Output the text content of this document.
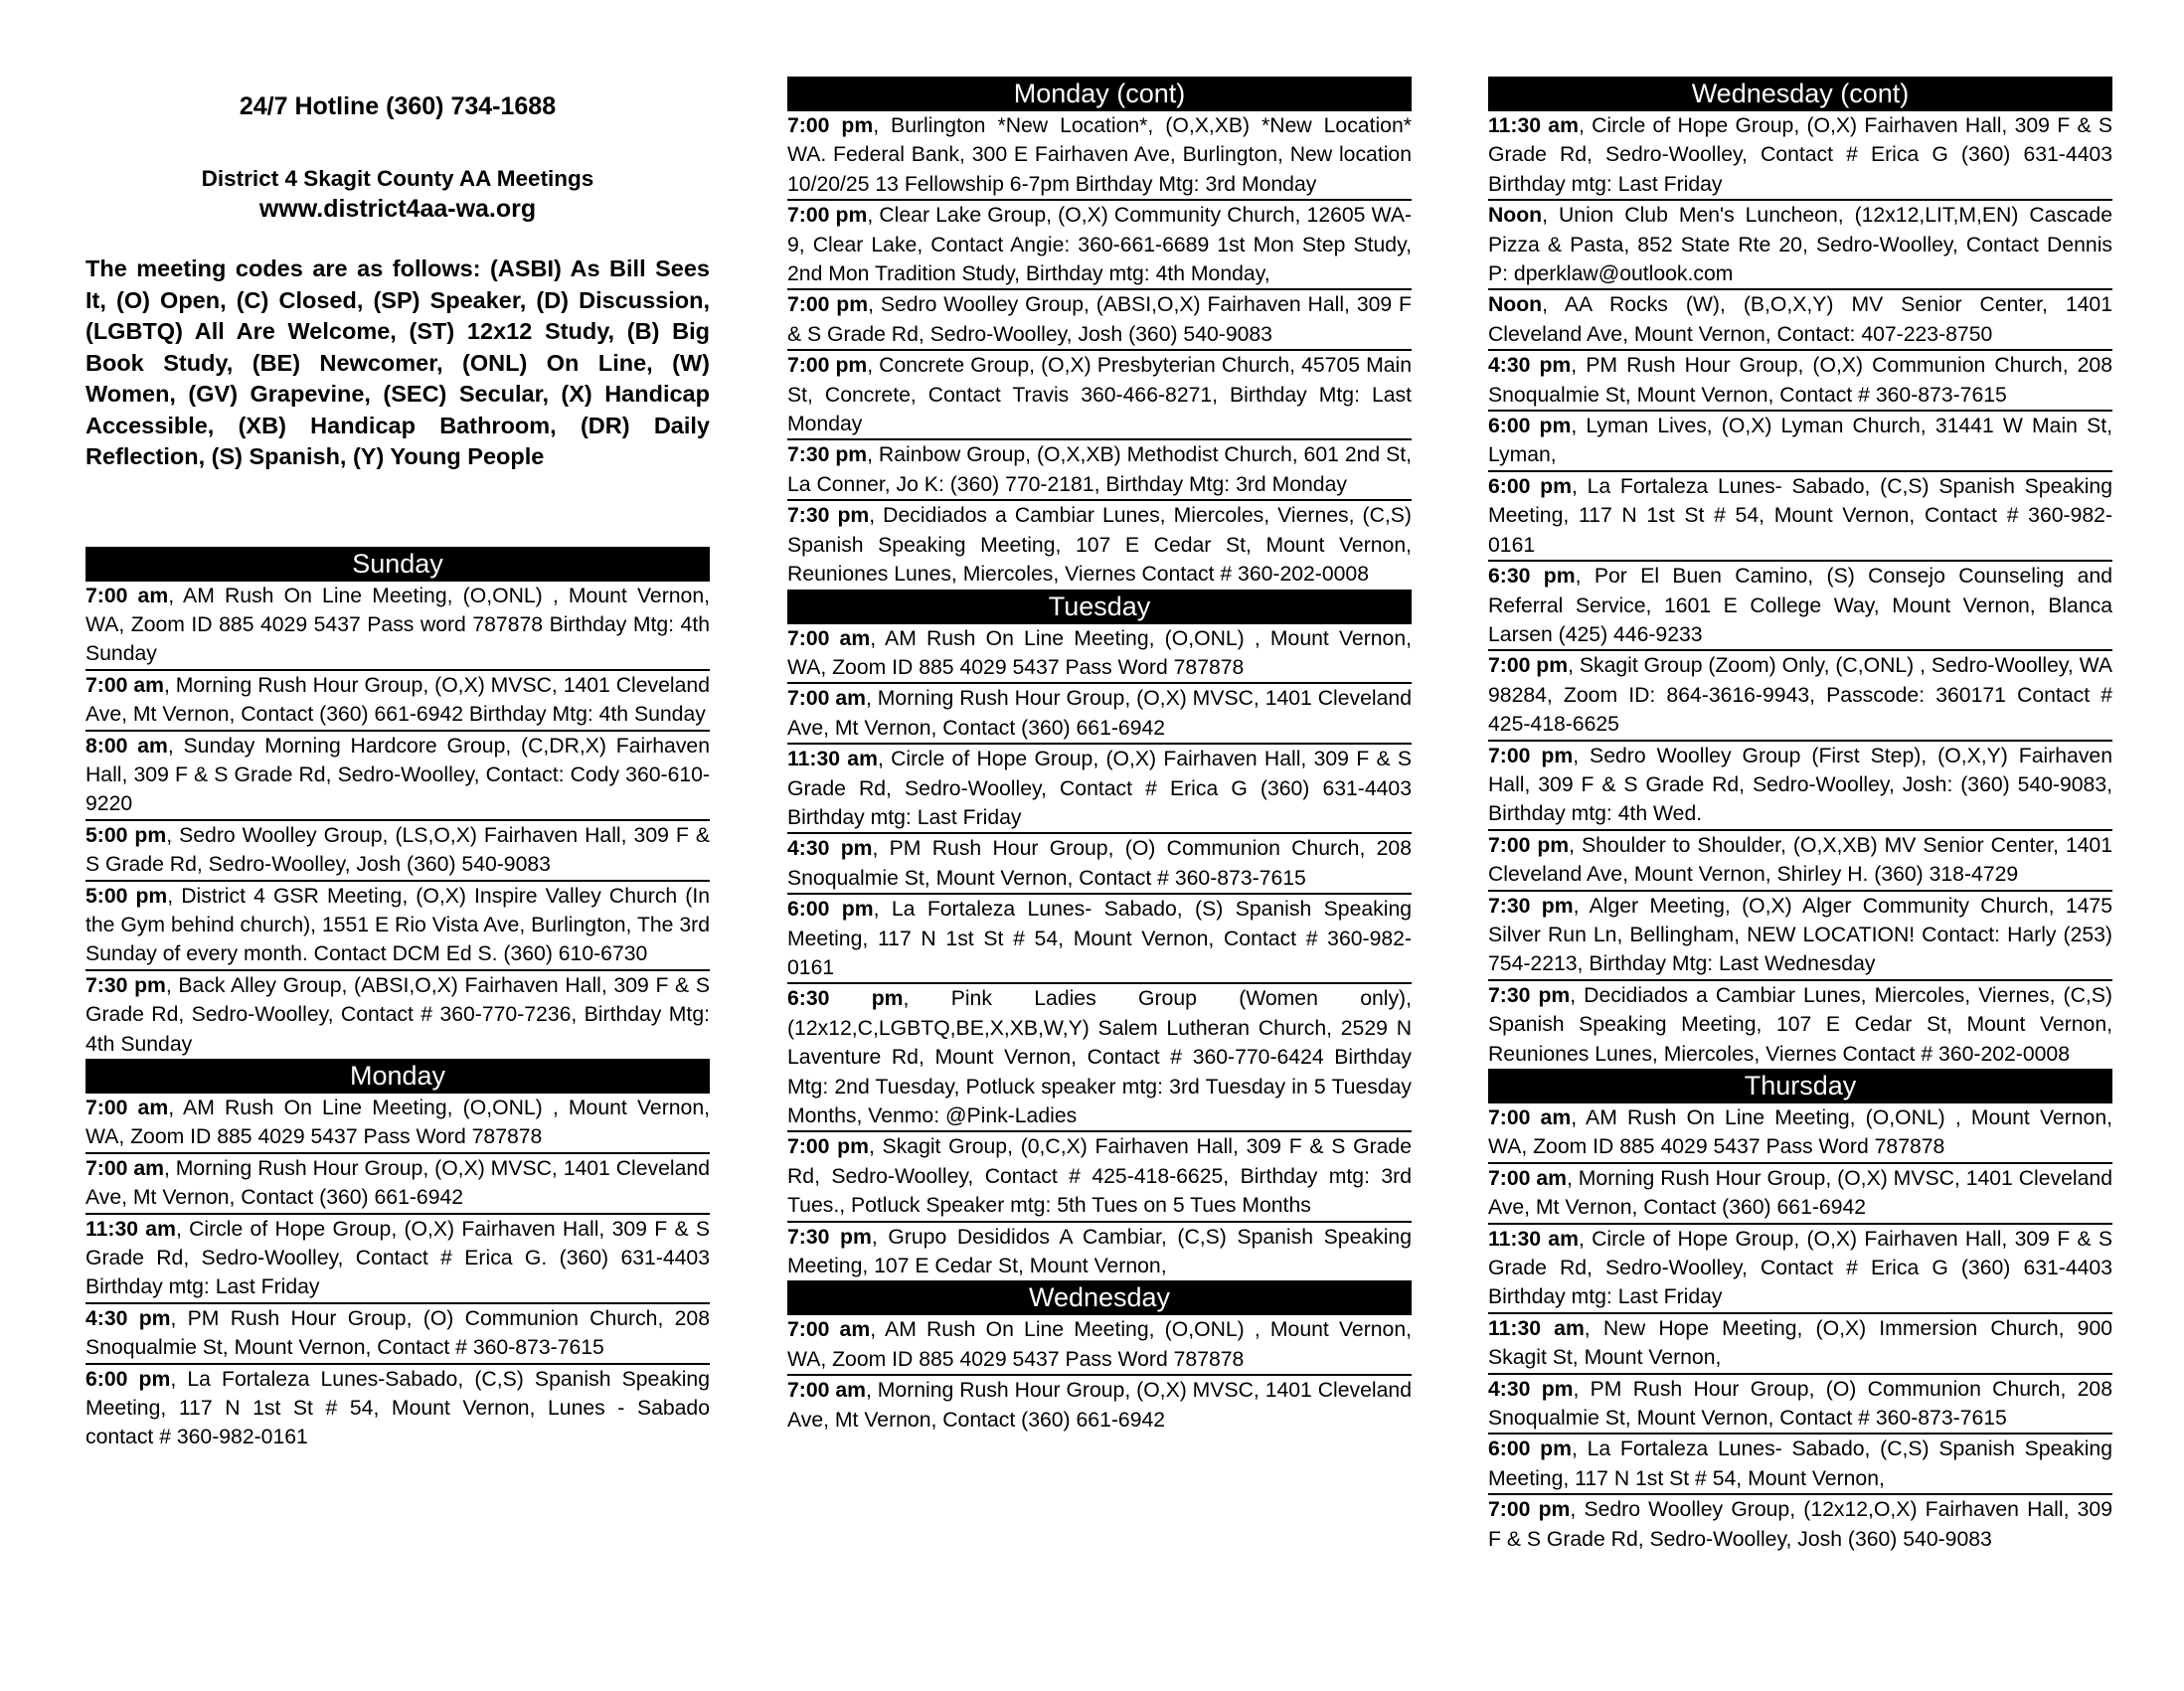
24/7 Hotline (360) 734-1688
District 4 Skagit County AA Meetings
www.district4aa-wa.org
The meeting codes are as follows: (ASBI) As Bill Sees It, (O) Open, (C) Closed, (SP) Speaker, (D) Discussion, (LGBTQ) All Are Welcome, (ST) 12x12 Study, (B) Big Book Study, (BE) Newcomer, (ONL) On Line, (W) Women, (GV) Grapevine, (SEC) Secular, (X) Handicap Accessible, (XB) Handicap Bathroom, (DR) Daily Reflection, (S) Spanish, (Y) Young People
Sunday
7:00 am, AM Rush On Line Meeting, (O,ONL) , Mount Vernon, WA, Zoom ID 885 4029 5437 Pass word 787878 Birthday Mtg: 4th Sunday
7:00 am, Morning Rush Hour Group, (O,X) MVSC, 1401 Cleveland Ave, Mt Vernon, Contact (360) 661-6942 Birthday Mtg: 4th Sunday
8:00 am, Sunday Morning Hardcore Group, (C,DR,X) Fairhaven Hall, 309 F & S Grade Rd, Sedro-Woolley, Contact: Cody 360-610-9220
5:00 pm, Sedro Woolley Group, (LS,O,X) Fairhaven Hall, 309 F & S Grade Rd, Sedro-Woolley, Josh (360) 540-9083
5:00 pm, District 4 GSR Meeting, (O,X) Inspire Valley Church (In the Gym behind church), 1551 E Rio Vista Ave, Burlington, The 3rd Sunday of every month. Contact DCM Ed S. (360) 610-6730
7:30 pm, Back Alley Group, (ABSI,O,X) Fairhaven Hall, 309 F & S Grade Rd, Sedro-Woolley, Contact # 360-770-7236, Birthday Mtg: 4th Sunday
Monday
7:00 am, AM Rush On Line Meeting, (O,ONL) , Mount Vernon, WA, Zoom ID 885 4029 5437 Pass Word 787878
7:00 am, Morning Rush Hour Group, (O,X) MVSC, 1401 Cleveland Ave, Mt Vernon, Contact (360) 661-6942
11:30 am, Circle of Hope Group, (O,X) Fairhaven Hall, 309 F & S Grade Rd, Sedro-Woolley, Contact # Erica G. (360) 631-4403 Birthday mtg: Last Friday
4:30 pm, PM Rush Hour Group, (O) Communion Church, 208 Snoqualmie St, Mount Vernon, Contact # 360-873-7615
6:00 pm, La Fortaleza Lunes-Sabado, (C,S) Spanish Speaking Meeting, 117 N 1st St # 54, Mount Vernon, Lunes - Sabado contact # 360-982-0161
Monday (cont)
7:00 pm, Burlington *New Location*, (O,X,XB) *New Location* WA. Federal Bank, 300 E Fairhaven Ave, Burlington, New location 10/20/25 13 Fellowship 6-7pm Birthday Mtg: 3rd Monday
7:00 pm, Clear Lake Group, (O,X) Community Church, 12605 WA-9, Clear Lake, Contact Angie: 360-661-6689 1st Mon Step Study, 2nd Mon Tradition Study, Birthday mtg: 4th Monday,
7:00 pm, Sedro Woolley Group, (ABSI,O,X) Fairhaven Hall, 309 F & S Grade Rd, Sedro-Woolley, Josh (360) 540-9083
7:00 pm, Concrete Group, (O,X) Presbyterian Church, 45705 Main St, Concrete, Contact Travis 360-466-8271, Birthday Mtg: Last Monday
7:30 pm, Rainbow Group, (O,X,XB) Methodist Church, 601 2nd St, La Conner, Jo K: (360) 770-2181, Birthday Mtg: 3rd Monday
7:30 pm, Decidiados a Cambiar Lunes, Miercoles, Viernes, (C,S) Spanish Speaking Meeting, 107 E Cedar St, Mount Vernon, Reuniones Lunes, Miercoles, Viernes Contact # 360-202-0008
Tuesday
7:00 am, AM Rush On Line Meeting, (O,ONL) , Mount Vernon, WA, Zoom ID 885 4029 5437 Pass Word 787878
7:00 am, Morning Rush Hour Group, (O,X) MVSC, 1401 Cleveland Ave, Mt Vernon, Contact (360) 661-6942
11:30 am, Circle of Hope Group, (O,X) Fairhaven Hall, 309 F & S Grade Rd, Sedro-Woolley, Contact # Erica G (360) 631-4403 Birthday mtg: Last Friday
4:30 pm, PM Rush Hour Group, (O) Communion Church, 208 Snoqualmie St, Mount Vernon, Contact # 360-873-7615
6:00 pm, La Fortaleza Lunes- Sabado, (S) Spanish Speaking Meeting, 117 N 1st St # 54, Mount Vernon, Contact # 360-982-0161
6:30 pm, Pink Ladies Group (Women only), (12x12,C,LGBTQ,BE,X,XB,W,Y) Salem Lutheran Church, 2529 N Laventure Rd, Mount Vernon, Contact # 360-770-6424 Birthday Mtg: 2nd Tuesday, Potluck speaker mtg: 3rd Tuesday in 5 Tuesday Months, Venmo: @Pink-Ladies
7:00 pm, Skagit Group, (0,C,X) Fairhaven Hall, 309 F & S Grade Rd, Sedro-Woolley, Contact # 425-418-6625, Birthday mtg: 3rd Tues., Potluck Speaker mtg: 5th Tues on 5 Tues Months
7:30 pm, Grupo Desididos A Cambiar, (C,S) Spanish Speaking Meeting, 107 E Cedar St, Mount Vernon,
Wednesday
7:00 am, AM Rush On Line Meeting, (O,ONL) , Mount Vernon, WA, Zoom ID 885 4029 5437 Pass Word 787878
7:00 am, Morning Rush Hour Group, (O,X) MVSC, 1401 Cleveland Ave, Mt Vernon, Contact (360) 661-6942
Wednesday (cont)
11:30 am, Circle of Hope Group, (O,X) Fairhaven Hall, 309 F & S Grade Rd, Sedro-Woolley, Contact # Erica G (360) 631-4403 Birthday mtg: Last Friday
Noon, Union Club Men's Luncheon, (12x12,LIT,M,EN) Cascade Pizza & Pasta, 852 State Rte 20, Sedro-Woolley, Contact Dennis P: dperklaw@outlook.com
Noon, AA Rocks (W), (B,O,X,Y) MV Senior Center, 1401 Cleveland Ave, Mount Vernon, Contact: 407-223-8750
4:30 pm, PM Rush Hour Group, (O,X) Communion Church, 208 Snoqualmie St, Mount Vernon, Contact # 360-873-7615
6:00 pm, Lyman Lives, (O,X) Lyman Church, 31441 W Main St, Lyman,
6:00 pm, La Fortaleza Lunes- Sabado, (C,S) Spanish Speaking Meeting, 117 N 1st St # 54, Mount Vernon, Contact # 360-982-0161
6:30 pm, Por El Buen Camino, (S) Consejo Counseling and Referral Service, 1601 E College Way, Mount Vernon, Blanca Larsen (425) 446-9233
7:00 pm, Skagit Group (Zoom) Only, (C,ONL) , Sedro-Woolley, WA 98284, Zoom ID: 864-3616-9943, Passcode: 360171 Contact # 425-418-6625
7:00 pm, Sedro Woolley Group (First Step), (O,X,Y) Fairhaven Hall, 309 F & S Grade Rd, Sedro-Woolley, Josh: (360) 540-9083, Birthday mtg: 4th Wed.
7:00 pm, Shoulder to Shoulder, (O,X,XB) MV Senior Center, 1401 Cleveland Ave, Mount Vernon, Shirley H. (360) 318-4729
7:30 pm, Alger Meeting, (O,X) Alger Community Church, 1475 Silver Run Ln, Bellingham, NEW LOCATION! Contact: Harly (253) 754-2213, Birthday Mtg: Last Wednesday
7:30 pm, Decidiados a Cambiar Lunes, Miercoles, Viernes, (C,S) Spanish Speaking Meeting, 107 E Cedar St, Mount Vernon, Reuniones Lunes, Miercoles, Viernes Contact # 360-202-0008
Thursday
7:00 am, AM Rush On Line Meeting, (O,ONL) , Mount Vernon, WA, Zoom ID 885 4029 5437 Pass Word 787878
7:00 am, Morning Rush Hour Group, (O,X) MVSC, 1401 Cleveland Ave, Mt Vernon, Contact (360) 661-6942
11:30 am, Circle of Hope Group, (O,X) Fairhaven Hall, 309 F & S Grade Rd, Sedro-Woolley, Contact # Erica G (360) 631-4403 Birthday mtg: Last Friday
11:30 am, New Hope Meeting, (O,X) Immersion Church, 900 Skagit St, Mount Vernon,
4:30 pm, PM Rush Hour Group, (O) Communion Church, 208 Snoqualmie St, Mount Vernon, Contact # 360-873-7615
6:00 pm, La Fortaleza Lunes- Sabado, (C,S) Spanish Speaking Meeting, 117 N 1st St # 54, Mount Vernon,
7:00 pm, Sedro Woolley Group, (12x12,O,X) Fairhaven Hall, 309 F & S Grade Rd, Sedro-Woolley, Josh (360) 540-9083
